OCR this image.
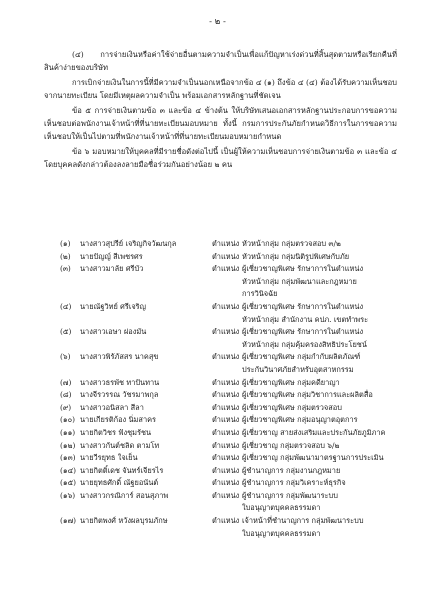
- ๒ -

(๔) การจ่ายเงินหรือค่าใช้จ่ายอื่นตามความจำเป็นเพื่อแก้ปัญหาเร่งด่วนที่สิ้นสุดตามหรือเรียกคืนที่สินค้าง่ายของบริษัท

การเบิกจ่ายเงินในการนี้ที่มีความจำเป็นนอกเหนือจากข้อ ๔ (๑) ถึงข้อ ๔ (๔) ต้องได้รับความเห็นชอบจากนายทะเบียน โดยมีเหตุผลความจำเป็น พร้อมเอกสารหลักฐานที่ชัดเจน

ข้อ ๕ การจ่ายเงินตามข้อ ๓ และข้อ ๔ ข้างต้น ให้บริษัทเสนอเอกสารหลักฐานประกอบการขอความเห็นชอบต่อพนักงานเจ้าหน้าที่ที่นายทะเบียนมอบหมาย ทั้งนี้ กรมการประกันภัยกำหนดวิธีการในการขอความเห็นชอบให้เป็นไปตามที่พนักงานเจ้าหน้าที่ที่นายทะเบียนมอบหมายกำหนด

ข้อ ๖ มอบหมายให้บุคคลที่มีรายชื่อดังต่อไปนี้ เป็นผู้ให้ความเห็นชอบการจ่ายเงินตามข้อ ๓ และข้อ ๔ โดยบุคคลดังกล่าวต้องลงลายมือชื่อร่วมกันอย่างน้อย ๒ คน

(๑)	นางสาวสุปรีย์ เจริญกิจวัฒนกุล	ตำแหน่ง หัวหน้ากลุ่ม กลุ่มตรวจสอบ ๓/๒
(๒)	นายปัญญ์ สีเพชรศร	ตำแหน่ง หัวหน้ากลุ่ม กลุ่มนิติรูปพิเศษกับภัย
(๓)	นางสาวมาลัย ศรีบัว	ตำแหน่ง ผู้เชี่ยวชาญพิเศษ รักษาการในตำแหน่ง
หัวหน้ากลุ่ม กลุ่มพัฒนาและกฎหมาย
การวินิจฉัย
(๔)	นายณัฐวิทย์ ศรีเจริญ	ตำแหน่ง ผู้เชี่ยวชาญพิเศษ รักษาการในตำแหน่ง
หัวหน้ากลุ่ม สำนักงาน คปภ. เขตทำพระ
(๕)	นางสาวเอษา ผ่องมัน	ตำแหน่ง ผู้เชี่ยวชาญพิเศษ รักษาการในตำแหน่ง
หัวหน้ากลุ่ม กลุ่มคุ้มครองสิทธิประโยชน์
(๖)	นางสาวพิรัภัสสร นาคสุข	ตำแหน่ง ผู้เชี่ยวชาญพิเศษ กลุ่มกำกับผลิตภัณฑ์
ประกันวินาศภัยสำหรับอุตสาหกรรม
(๗)	นางสาวธรพัช ทาปันทาน	ตำแหน่ง ผู้เชี่ยวชาญพิเศษ กลุ่มคดียาญา
(๘)	นางจีรวรรณ วัชรมาพกุล	ตำแหน่ง ผู้เชี่ยวชาญพิเศษ กลุ่มวิชาการและผลิตสื่อ
(๙)	นางสาวอนิสลา สีลา	ตำแหน่ง ผู้เชี่ยวชาญพิเศษ กลุ่มตรวจสอบ
(๑๐) นายเกียรติก้อง นิ่มสาคร	ตำแหน่ง ผู้เชี่ยวชาญพิเศษ กลุ่มอนุญาตอุตการ
(๑๑) นายกิตวิชร ฟังชุมรัชน	ตำแหน่ง ผู้เชี่ยวชาญ สายส่งเสริมและประกันภัยภูมิภาค
(๑๒) นางสาวกันต์ชลิด ตามโท	ตำแหน่ง ผู้เชี่ยวชาญ กลุ่มตรวจสอบ ๖/๒
(๑๓) นายวีรยุทธ ใจเย็น	ตำแหน่ง ผู้เชี่ยวชาญ กลุ่มพัฒนามาตรฐานการประเมิน
(๑๔) นายกิตติ์เดช จันทร์เจียรไร	ตำแหน่ง ผู้ชำนาญการ กลุ่มงานกฎหมาย
(๑๕) นายยุทธศักดิ์ ณัฐยอนันต์	ตำแหน่ง ผู้ชำนาญการ กลุ่มวิเคราะห์ธุรกิจ
(๑๖) นางสาวกรณิการ์ สอนสุภาพ	ตำแหน่ง ผู้ชำนาญการ กลุ่มพัฒนาระบบ
ใบอนุญาตบุคคลธรรมดา
(๑๗) นายกิตพงศ์ หวังผลบุรมภักษ	ตำแหน่ง เจ้าหน้าที่ชำนาญการ กลุ่มพัฒนาระบบ
ใบอนุญาตบุคคลธรรมดา
